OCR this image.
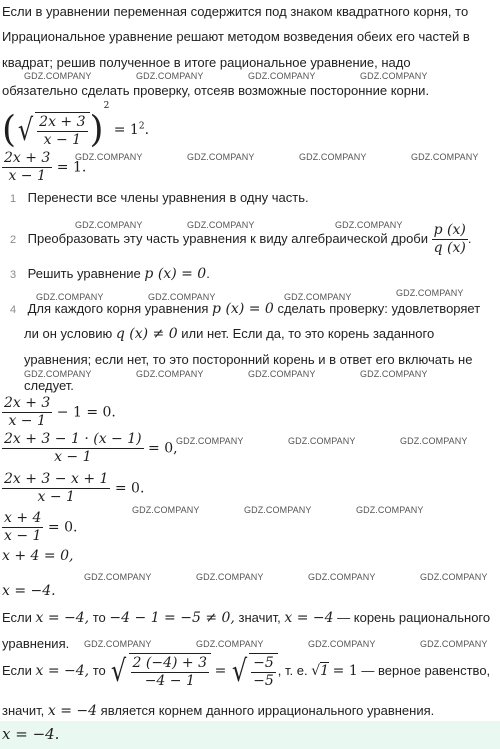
Если в уравнении переменная содержится под знаком квадратного корня, то
Иррациональное уравнение решают методом возведения обеих его частей в
квадрат; решив полученное в итоге рациональное уравнение, надо
обязательно сделать проверку, отсеяв возможные посторонние корни.
(√ $\frac{2x + 3}{x - 1} )^2 = 1^2$.
$\frac{2x + 3}{x - 1} = 1$.
1 Перенести все члены уравнения в одну часть.
2 Преобразовать эту часть уравнения к виду алгебраической дроби $\frac{p (x)}{q (x)}$ .
3 Решить уравнение p (x) = 0.
4 Для каждого корня уравнения p (x) = 0 сделать проверку: удовлетворяет
ли он условию q (x) ≠ 0 или нет. Если да, то это корень заданного
уравнения; если нет, то это посторонний корень и в ответ его включать не
следует.
$\frac{2x + 3}{x - 1} - 1 = 0$.
$\frac{2x + 3 - 1 \cdot (x - 1)}{x - 1} = 0$,
$\frac{2x + 3 - x + 1}{x - 1} = 0$.
$\frac{x + 4}{x - 1} = 0$.
x + 4 = 0,
x = −4.
Если x = −4, то −4 − 1 = −5 ≠ 0, значит, x = −4 — корень рационального
уравнения.
Если x = −4, то √ $\frac{2 (-4) + 3}{-4 - 1}$ = √ $\frac{-5}{-5}$ , т. е. √1 = 1 — верное равенство,
значит, x = −4 является корнем данного иррационального уравнения.
x = −4.
GDZ.COMPANY	GDZ.COMPANY	GDZ.COMPANY	GDZ.COMPANY
GDZ.COMPANY	GDZ.COMPANY	GDZ.COMPANY	GDZ.COMPANY
GDZ.COMPANY	GDZ.COMPANY	GDZ.COMPANY
GDZ.COMPANY	GDZ.COMPANY	GDZ.COMPANY	GDZ.COMPANY
GDZ.COMPANY	GDZ.COMPANY	GDZ.COMPANY	GDZ.COMPANY
GDZ.COMPANY	GDZ.COMPANY	GDZ.COMPANY
GDZ.COMPANY	GDZ.COMPANY	GDZ.COMPANY
GDZ.COMPANY	GDZ.COMPANY	GDZ.COMPANY	GDZ.COMPANY
GDZ.COMPANY	GDZ.COMPANY	GDZ.COMPANY	GDZ.COMPANY
